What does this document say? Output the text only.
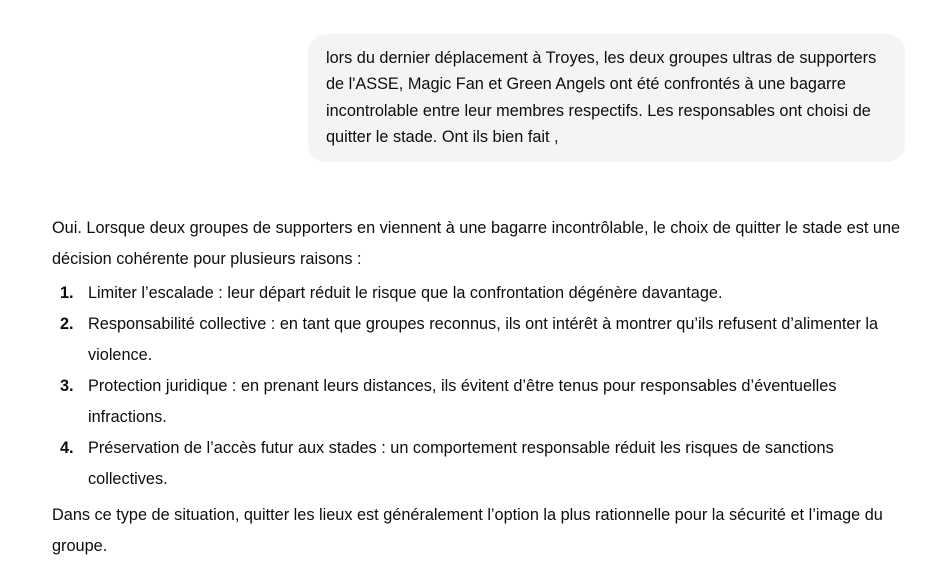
lors du dernier déplacement à Troyes, les deux groupes ultras de supporters de l'ASSE, Magic Fan et Green Angels ont été confrontés à une bagarre incontrolable entre leur membres respectifs. Les responsables ont choisi de quitter le stade. Ont ils bien fait ,

Oui. Lorsque deux groupes de supporters en viennent à une bagarre incontrôlable, le choix de quitter le stade est une décision cohérente pour plusieurs raisons :

1. Limiter l’escalade : leur départ réduit le risque que la confrontation dégénère davantage.
2. Responsabilité collective : en tant que groupes reconnus, ils ont intérêt à montrer qu’ils refusent d’alimenter la violence.
3. Protection juridique : en prenant leurs distances, ils évitent d’être tenus pour responsables d’éventuelles infractions.
4. Préservation de l’accès futur aux stades : un comportement responsable réduit les risques de sanctions collectives.

Dans ce type de situation, quitter les lieux est généralement l’option la plus rationnelle pour la sécurité et l’image du groupe.
